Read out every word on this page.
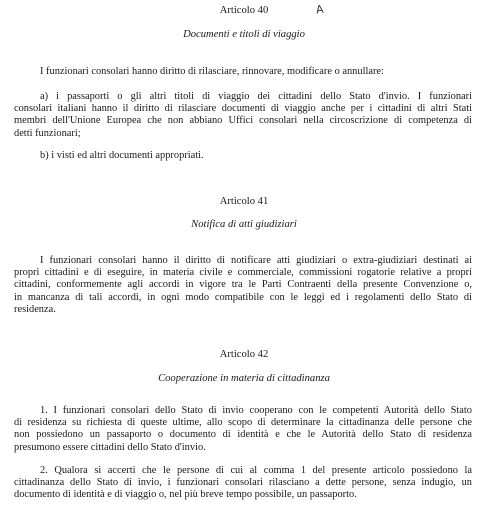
A
Articolo 40
Documenti e titoli di viaggio

I funzionari consolari hanno diritto di rilasciare, rinnovare, modificare o annullare:

a) i passaporti o gli altri titoli di viaggio dei cittadini dello Stato d'invio. I funzionari
consolari italiani hanno il diritto di rilasciare documenti di viaggio anche per i cittadini di altri Stati
membri dell'Unione Europea che non abbiano Uffici consolari nella circoscrizione di competenza di
detti funzionari;

b) i visti ed altri documenti appropriati.

Articolo 41
Notifica di atti giudiziari

I funzionari consolari hanno il diritto di notificare atti giudiziari o extra-giudiziari destinati ai
propri cittadini e di eseguire, in materia civile e commerciale, commissioni rogatorie relative a propri
cittadini, conformemente agli accordi in vigore tra le Parti Contraenti della presente Convenzione o,
in mancanza di tali accordi, in ogni modo compatibile con le leggi ed i regolamenti dello Stato di
residenza.

Articolo 42
Cooperazione in materia di cittadinanza

1. I funzionari consolari dello Stato di invio cooperano con le competenti Autorità dello Stato
di residenza su richiesta di queste ultime, allo scopo di determinare la cittadinanza delle persone che
non possiedono un passaporto o documento di identità e che le Autorità dello Stato di residenza
presumono essere cittadini dello Stato d'invio.

2. Qualora si accerti che le persone di cui al comma 1 del presente articolo possiedono la
cittadinanza dello Stato di invio, i funzionari consolari rilasciano a dette persone, senza indugio, un
documento di identità e di viaggio o, nel più breve tempo possibile, un passaporto.
